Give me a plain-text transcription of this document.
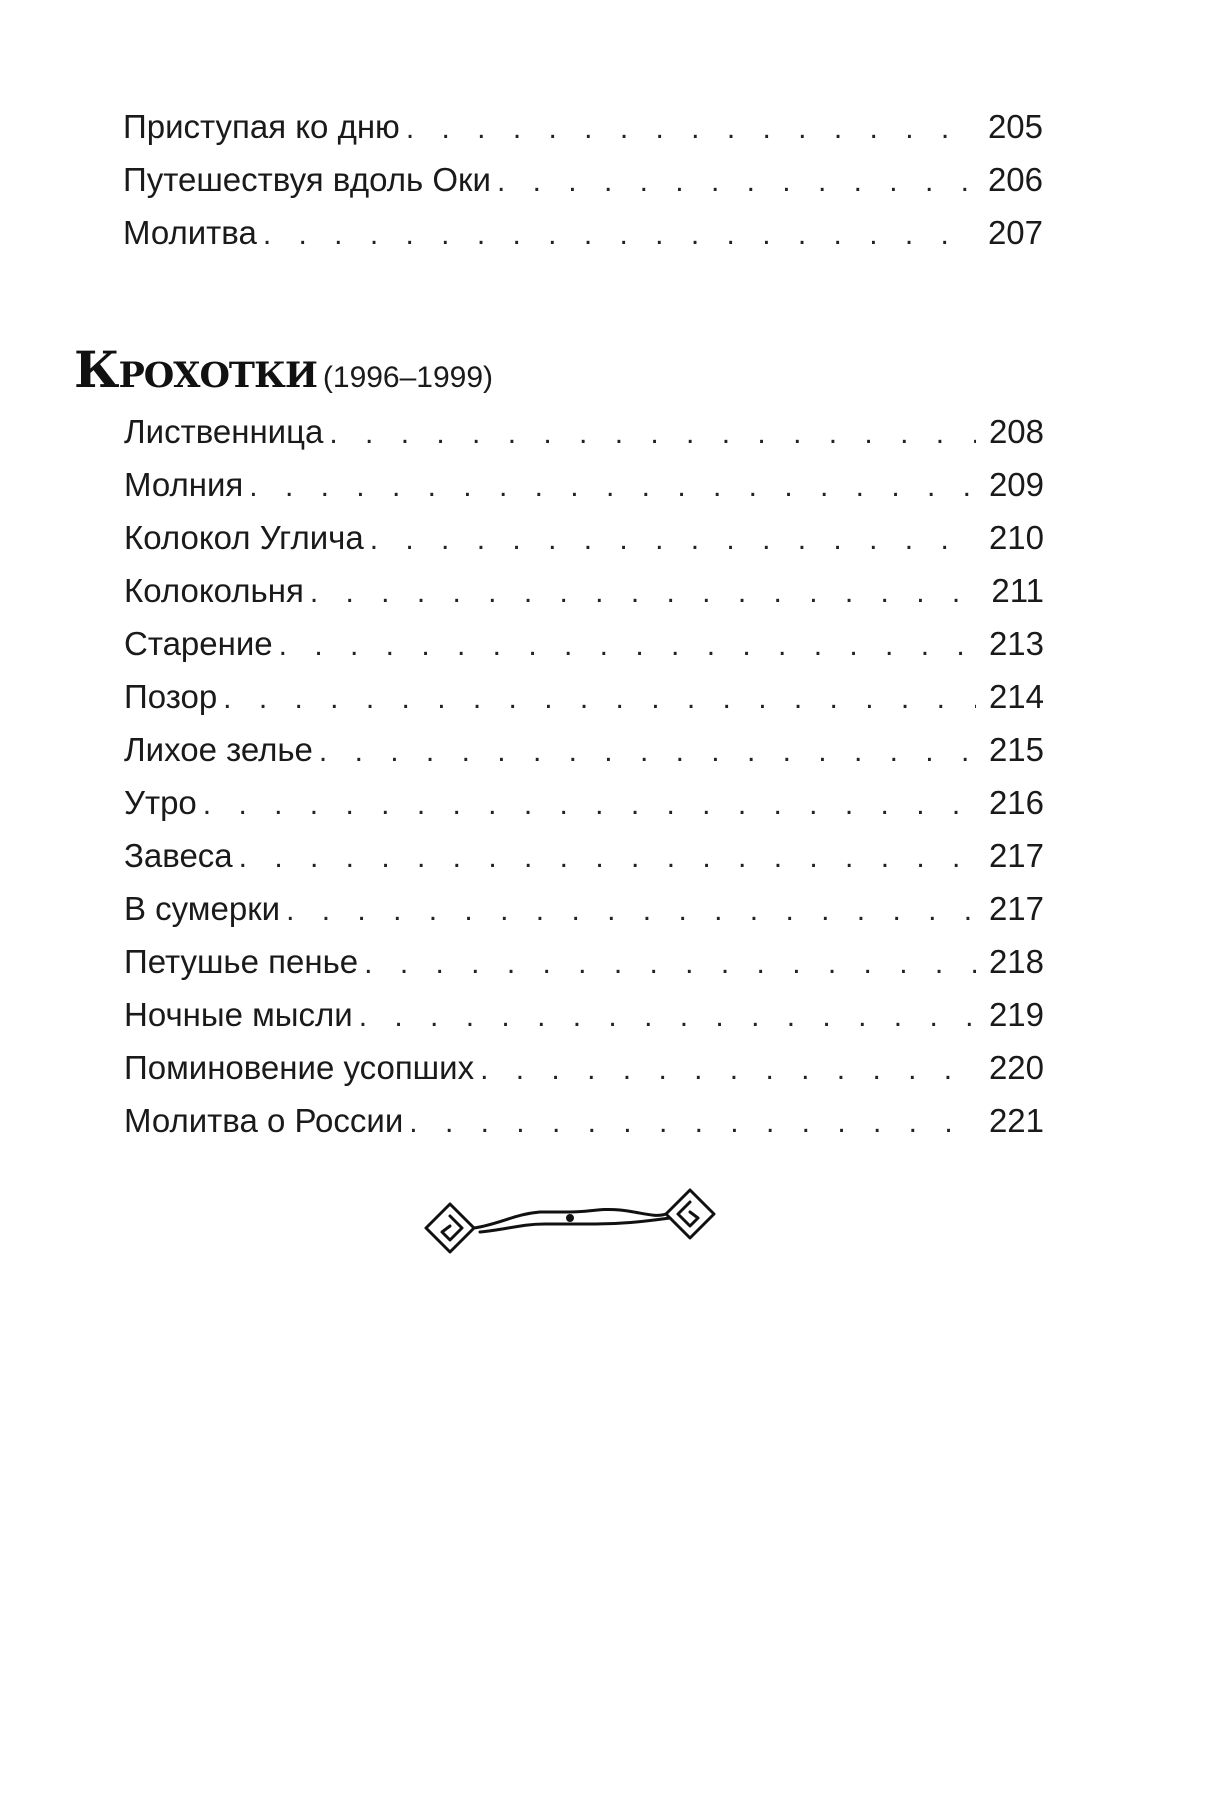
Приступая ко дню . . .	205
Путешествуя вдоль Оки . . .	206
Молитва . . .	207
Крохотки (1996–1999)
Лиственница . . .	208
Молния . . .	209
Колокол Углича . . .	210
Колокольня . . .	211
Старение . . .	213
Позор . . .	214
Лихое зелье . . .	215
Утро . . .	216
Завеса . . .	217
В сумерки . . .	217
Петушье пенье . . .	218
Ночные мысли . . .	219
Поминовение усопших . . .	220
Молитва о России . . .	221
